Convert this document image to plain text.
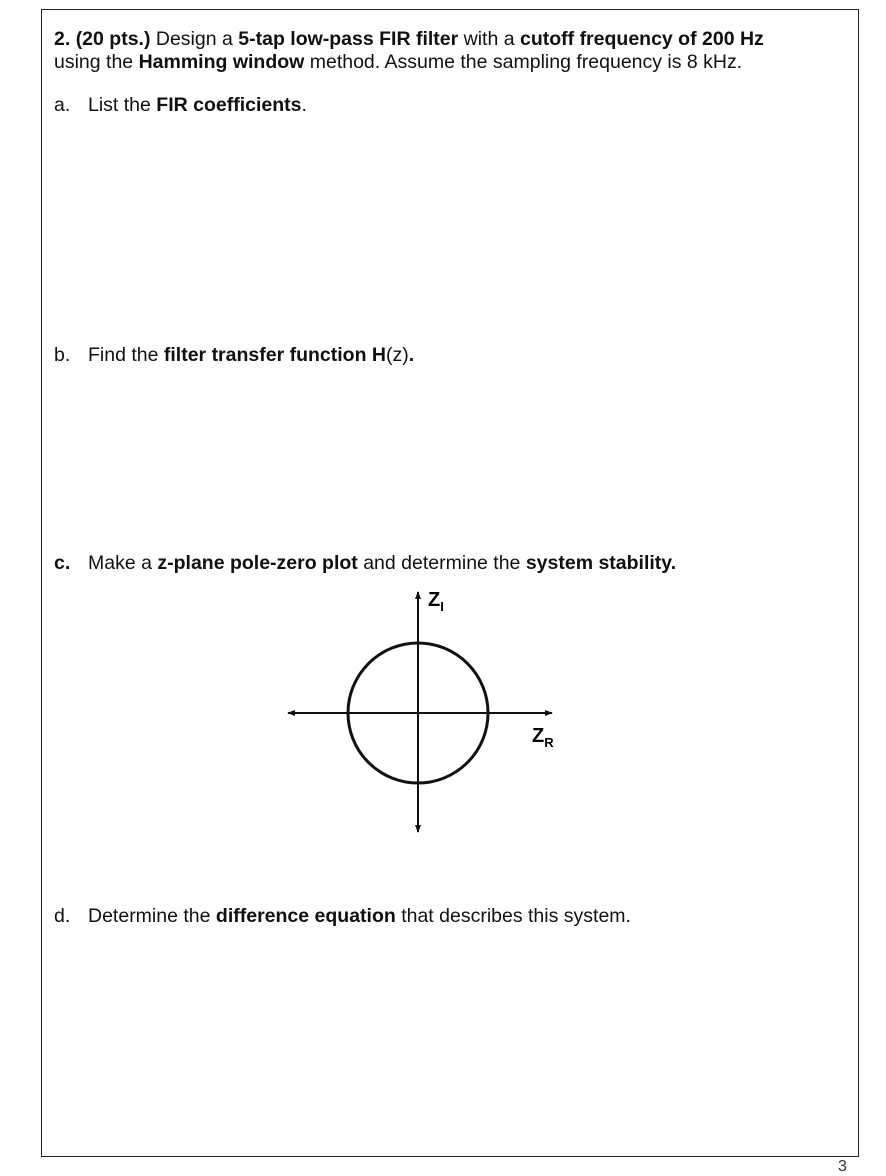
2. (20 pts.) Design a 5-tap low-pass FIR filter with a cutoff frequency of 200 Hz
using the Hamming window method. Assume the sampling frequency is 8 kHz.
a. List the FIR coefficients.
b. Find the filter transfer function H(z).
c. Make a z-plane pole-zero plot and determine the system stability.
$Z_I$
$Z_R$
d. Determine the difference equation that describes this system.
3
